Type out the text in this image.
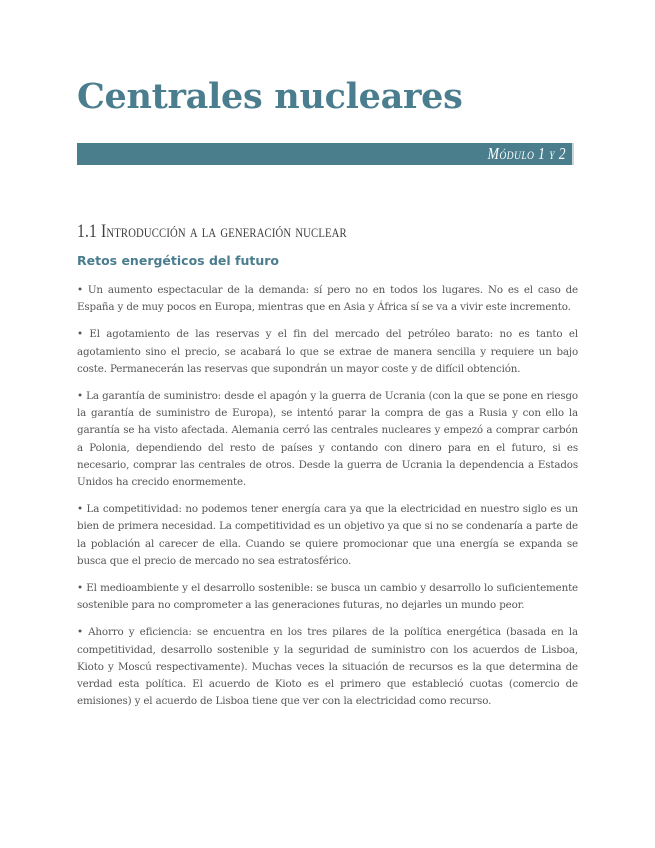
Centrales nucleares
Módulo 1 y 2
1.1 Introducción a la generación nuclear
Retos energéticos del futuro

• Un aumento espectacular de la demanda: sí pero no en todos los lugares. No es el caso de España y de muy pocos en Europa, mientras que en Asia y África sí se va a vivir este incremento.

• El agotamiento de las reservas y el fin del mercado del petróleo barato: no es tanto el agotamiento sino el precio, se acabará lo que se extrae de manera sencilla y requiere un bajo coste. Permanecerán las reservas que supondrán un mayor coste y de difícil obtención.

• La garantía de suministro: desde el apagón y la guerra de Ucrania (con la que se pone en riesgo la garantía de suministro de Europa), se intentó parar la compra de gas a Rusia y con ello la garantía se ha visto afectada. Alemania cerró las centrales nucleares y empezó a comprar carbón a Polonia, dependiendo del resto de países y contando con dinero para en el futuro, si es necesario, comprar las centrales de otros. Desde la guerra de Ucrania la dependencia a Estados Unidos ha crecido enormemente.

• La competitividad: no podemos tener energía cara ya que la electricidad en nuestro siglo es un bien de primera necesidad. La competitividad es un objetivo ya que si no se condenaría a parte de la población al carecer de ella. Cuando se quiere promocionar que una energía se expanda se busca que el precio de mercado no sea estratosférico.

• El medioambiente y el desarrollo sostenible: se busca un cambio y desarrollo lo suficientemente sostenible para no comprometer a las generaciones futuras, no dejarles un mundo peor.

• Ahorro y eficiencia: se encuentra en los tres pilares de la política energética (basada en la competitividad, desarrollo sostenible y la seguridad de suministro con los acuerdos de Lisboa, Kioto y Moscú respectivamente). Muchas veces la situación de recursos es la que determina de verdad esta política. El acuerdo de Kioto es el primero que estableció cuotas (comercio de emisiones) y el acuerdo de Lisboa tiene que ver con la electricidad como recurso.
